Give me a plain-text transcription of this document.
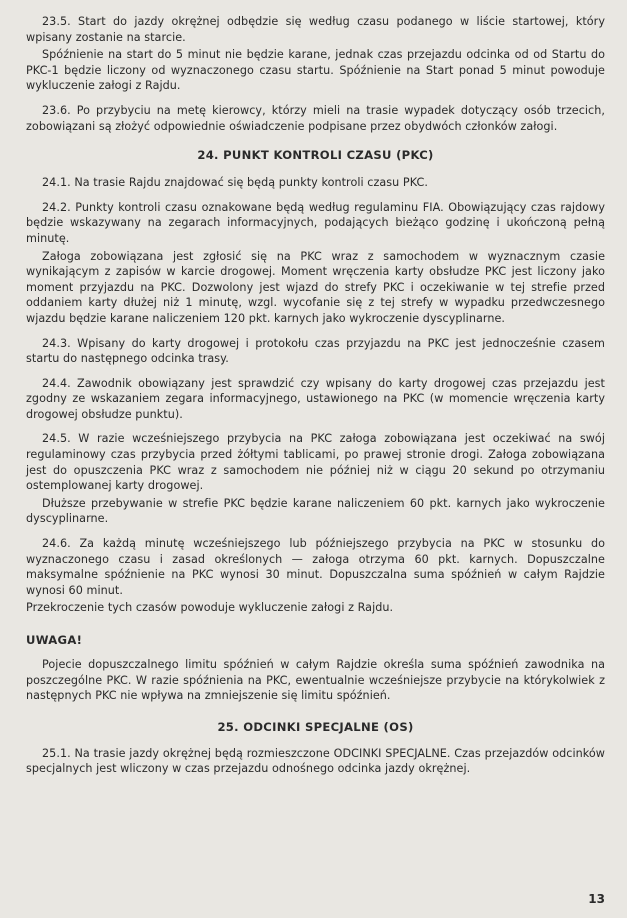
23.5. Start do jazdy okrężnej odbędzie się według czasu podanego w liście startowej, który wpisany zostanie na starcie.

Spóźnienie na start do 5 minut nie będzie karane, jednak czas przejazdu odcinka od od Startu do PKC-1 będzie liczony od wyznaczonego czasu startu. Spóźnienie na Start ponad 5 minut powoduje wykluczenie załogi z Rajdu.

23.6. Po przybyciu na metę kierowcy, którzy mieli na trasie wypadek dotyczący osób trzecich, zobowiązani są złożyć odpowiednie oświadczenie podpisane przez obydwóch członków załogi.

24. PUNKT KONTROLI CZASU (PKC)

24.1. Na trasie Rajdu znajdować się będą punkty kontroli czasu PKC.

24.2. Punkty kontroli czasu oznakowane będą według regulaminu FIA. Obowiązujący czas rajdowy będzie wskazywany na zegarach informacyjnych, podających bieżąco godzinę i ukończoną pełną minutę.

Załoga zobowiązana jest zgłosić się na PKC wraz z samochodem w wyznacznym czasie wynikającym z zapisów w karcie drogowej. Moment wręczenia karty obsłudze PKC jest liczony jako moment przyjazdu na PKC. Dozwolony jest wjazd do strefy PKC i oczekiwanie w tej strefie przed oddaniem karty dłużej niż 1 minutę, wzgl. wycofanie się z tej strefy w wypadku przedwczesnego wjazdu będzie karane naliczeniem 120 pkt. karnych jako wykroczenie dyscyplinarne.

24.3. Wpisany do karty drogowej i protokołu czas przyjazdu na PKC jest jednocześnie czasem startu do następnego odcinka trasy.

24.4. Zawodnik obowiązany jest sprawdzić czy wpisany do karty drogowej czas przejazdu jest zgodny ze wskazaniem zegara informacyjnego, ustawionego na PKC (w momencie wręczenia karty drogowej obsłudze punktu).

24.5. W razie wcześniejszego przybycia na PKC załoga zobowiązana jest oczekiwać na swój regulaminowy czas przybycia przed żółtymi tablicami, po prawej stronie drogi. Załoga zobowiązana jest do opuszczenia PKC wraz z samochodem nie później niż w ciągu 20 sekund po otrzymaniu ostemplowanej karty drogowej.

Dłuższe przebywanie w strefie PKC będzie karane naliczeniem 60 pkt. karnych jako wykroczenie dyscyplinarne.

24.6. Za każdą minutę wcześniejszego lub późniejszego przybycia na PKC w stosunku do wyznaczonego czasu i zasad określonych — załoga otrzyma 60 pkt. karnych. Dopuszczalne maksymalne spóźnienie na PKC wynosi 30 minut. Dopuszczalna suma spóźnień w całym Rajdzie wynosi 60 minut.

Przekroczenie tych czasów powoduje wykluczenie załogi z Rajdu.

UWAGA!

Pojecie dopuszczalnego limitu spóźnień w całym Rajdzie określa suma spóźnień zawodnika na poszczególne PKC. W razie spóźnienia na PKC, ewentualnie wcześniejsze przybycie na którykolwiek z następnych PKC nie wpływa na zmniejszenie się limitu spóźnień.

25. ODCINKI SPECJALNE (OS)

25.1. Na trasie jazdy okrężnej będą rozmieszczone ODCINKI SPECJALNE. Czas przejazdów odcinków specjalnych jest wliczony w czas przejazdu odnośnego odcinka jazdy okrężnej.

13
